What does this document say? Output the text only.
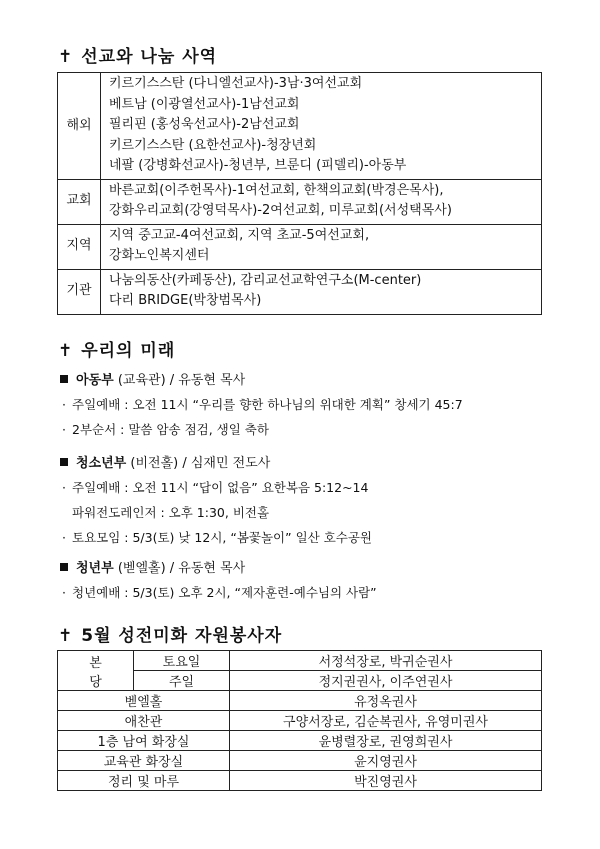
✝ 선교와 나눔 사역
해외	키르기스스탄 (다니엘선교사)-3남·3여선교회
베트남 (이광열선교사)-1남선교회
필리핀 (홍성욱선교사)-2남선교회
키르기스스탄 (요한선교사)-청장년회
네팔 (강병화선교사)-청년부, 브룬디 (피델리)-아동부

교회	바른교회(이주헌목사)-1여선교회, 한책의교회(박경은목사),
강화우리교회(강영덕목사)-2여선교회, 미루교회(서성택목사)

지역	지역 중고교-4여선교회, 지역 초교-5여선교회,
강화노인복지센터

기관	나눔의동산(카페동산), 감리교선교학연구소(M-center)
다리 BRIDGE(박창범목사)
✝ 우리의 미래
아동부 (교육관) / 유동현 목사
· 주일예배 : 오전 11시 “우리를 향한 하나님의 위대한 계획” 창세기 45:7
· 2부순서 : 말씀 암송 점검, 생일 축하
청소년부 (비전홀) / 심재민 전도사
· 주일예배 : 오전 11시 “답이 없음” 요한복음 5:12~14
파워전도레인저 : 오후 1:30, 비전홀
· 토요모임 : 5/3(토) 낮 12시, “봄꽃놀이” 일산 호수공원
청년부 (벧엘홀) / 유동현 목사
· 청년예배 : 5/3(토) 오후 2시, “제자훈련-예수님의 사람”
✝ 5월 성전미화 자원봉사자
본
당	토요일	서정석장로, 박귀순권사
	주일	정지권권사, 이주연권사
벧엘홀		유정옥권사
애찬관		구양서장로, 김순복권사, 유영미권사
1층 남여 화장실		윤병렬장로, 권영희권사
교육관 화장실		윤지영권사
정리 및 마루		박진영권사
